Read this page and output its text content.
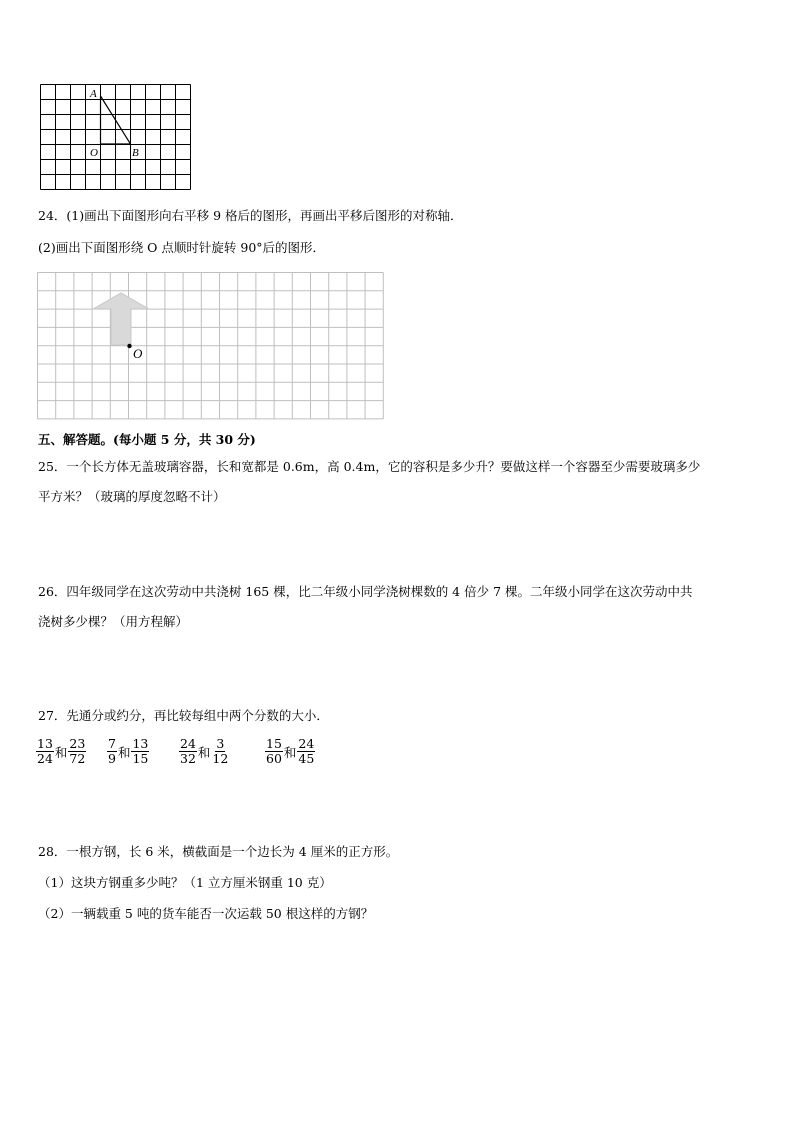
A
O	B
24．(1)画出下面图形向右平移 9 格后的图形，再画出平移后图形的对称轴．
(2)画出下面图形绕 O 点顺时针旋转 90°后的图形．
O
五、解答题。(每小题 5 分，共 30 分)
25．一个长方体无盖玻璃容器，长和宽都是 0.6m，高 0.4m，它的容积是多少升？要做这样一个容器至少需要玻璃多少
平方米？（玻璃的厚度忽略不计）
26．四年级同学在这次劳动中共浇树 165 棵，比二年级小同学浇树棵数的 4 倍少 7 棵。二年级小同学在这次劳动中共
浇树多少棵？（用方程解）
27．先通分或约分，再比较每组中两个分数的大小．
$\frac{13}{24}$ 和 $\frac{23}{72} \frac{7}{9}$ 和 $\frac{13}{15} \frac{24}{32}$ 和 $\frac{3}{12}$	$\frac{15}{60}$ 和 $\frac{24}{45}$
28．一根方钢，长 6 米，横截面是一个边长为 4 厘米的正方形。
（1）这块方钢重多少吨？（1 立方厘米钢重 10 克）
（2）一辆载重 5 吨的货车能否一次运载 50 根这样的方钢？
